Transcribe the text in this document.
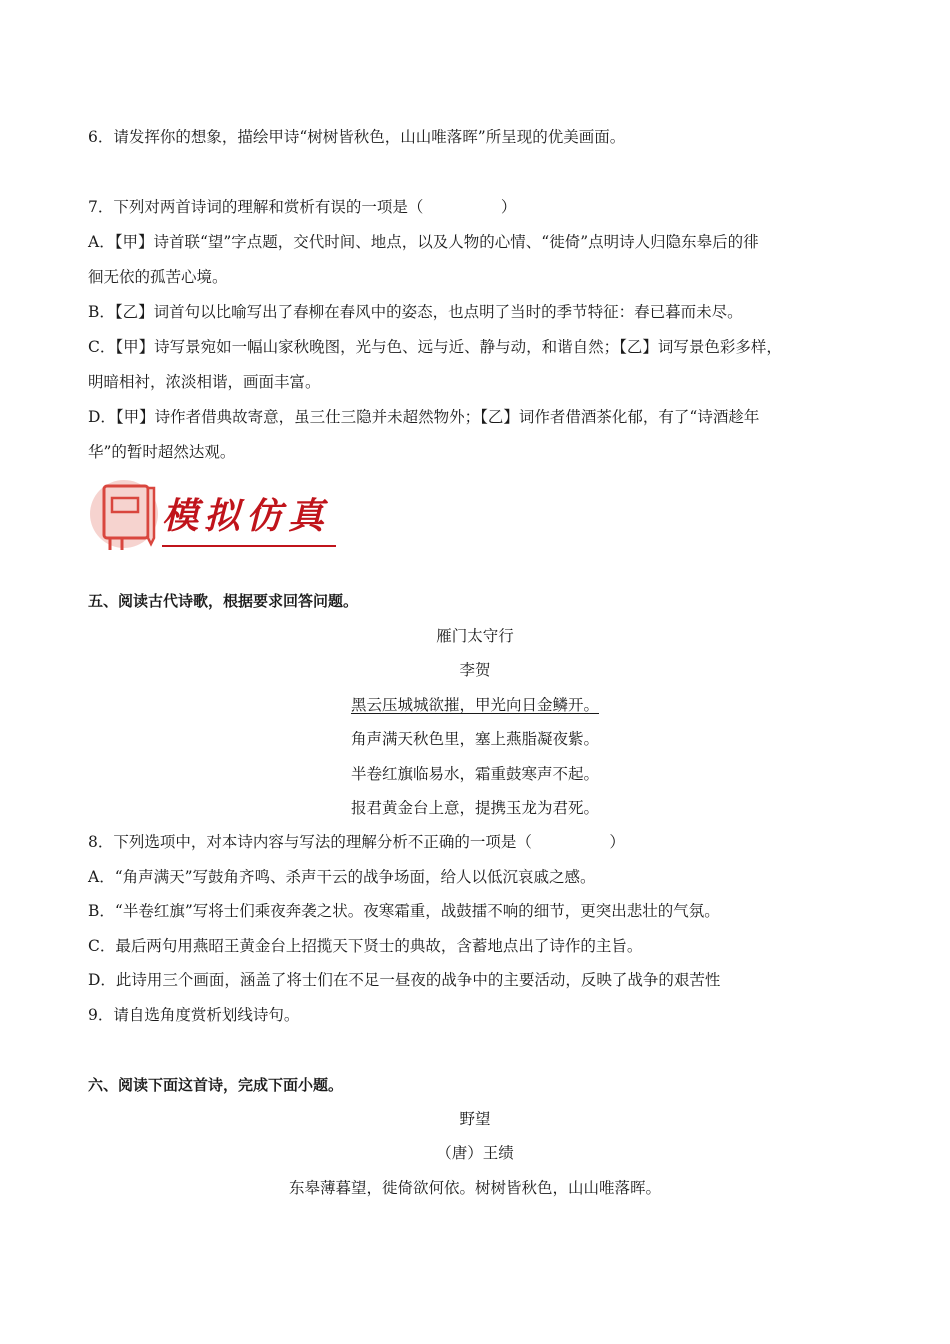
6．请发挥你的想象，描绘甲诗“树树皆秋色，山山唯落晖”所呈现的优美画面。
7．下列对两首诗词的理解和赏析有误的一项是（　　　　　）
A．【甲】诗首联“望”字点题，交代时间、地点，以及人物的心情、“徙倚”点明诗人归隐东皋后的徘
徊无依的孤苦心境。
B．【乙】词首句以比喻写出了春柳在春风中的姿态，也点明了当时的季节特征：春已暮而未尽。
C．【甲】诗写景宛如一幅山家秋晚图，光与色、远与近、静与动，和谐自然；【乙】词写景色彩多样，
明暗相衬，浓淡相谐，画面丰富。
D．【甲】诗作者借典故寄意，虽三仕三隐并未超然物外；【乙】词作者借酒茶化郁，有了“诗酒趁年
华”的暂时超然达观。
模拟仿真
五、阅读古代诗歌，根据要求回答问题。
雁门太守行
李贺
黑云压城城欲摧，甲光向日金鳞开。
角声满天秋色里，塞上燕脂凝夜紫。
半卷红旗临易水，霜重鼓寒声不起。
报君黄金台上意，提携玉龙为君死。
8．下列选项中，对本诗内容与写法的理解分析不正确的一项是（　　　　　）
A．“角声满天”写鼓角齐鸣、杀声干云的战争场面，给人以低沉哀戚之感。
B．“半卷红旗”写将士们乘夜奔袭之状。夜寒霜重，战鼓擂不响的细节，更突出悲壮的气氛。
C．最后两句用燕昭王黄金台上招揽天下贤士的典故，含蓄地点出了诗作的主旨。
D．此诗用三个画面，涵盖了将士们在不足一昼夜的战争中的主要活动，反映了战争的艰苦性
9．请自选角度赏析划线诗句。
六、阅读下面这首诗，完成下面小题。
野望
（唐）王绩
东皋薄暮望，徙倚欲何依。树树皆秋色，山山唯落晖。
